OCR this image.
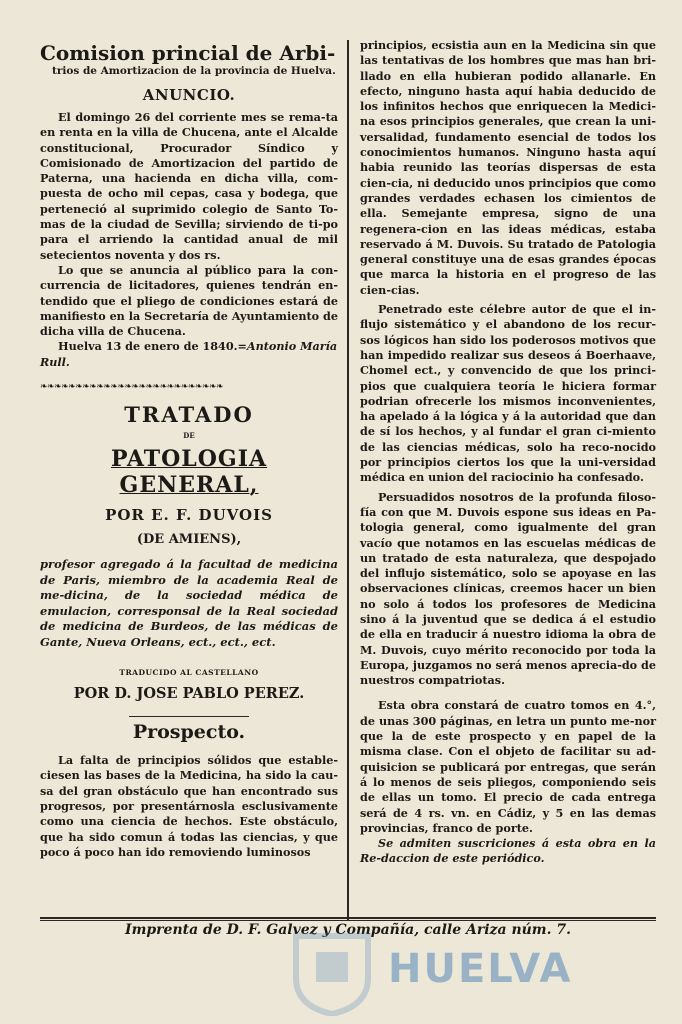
Comision princial de Arbi-

trios de Amortizacion de la provincia de Huelva.

ANUNCIO.

El domingo 26 del corriente mes se rema-ta en renta en la villa de Chucena, ante el Alcalde constitucional, Procurador Síndico y Comisionado de Amortizacion del partido de Paterna, una hacienda en dicha villa, com-puesta de ocho mil cepas, casa y bodega, que perteneció al suprimido colegio de Santo To-mas de la ciudad de Sevilla; sirviendo de ti-po para el arriendo la cantidad anual de mil setecientos noventa y dos rs.

Lo que se anuncia al público para la con-currencia de licitadores, quienes tendrán en-tendido que el pliego de condiciones estará de manifiesto en la Secretaría de Ayuntamiento de dicha villa de Chucena.

Huelva 13 de enero de 1840.=Antonio María Rull.

❧❧❧❧❧❧❧❧❧❧❧❧❧❧❧❧❧❧❧❧❧❧❧❧❧❧

TRATADO

DE

PATOLOGIA GENERAL,

POR E. F. DUVOIS

(DE AMIENS),

profesor agregado á la facultad de medicina de Paris, miembro de la academia Real de me-dicina, de la sociedad médica de emulacion, corresponsal de la Real sociedad de medicina de Burdeos, de las médicas de Gante, Nueva Orleans, ect., ect., ect.

TRADUCIDO AL CASTELLANO

POR D. JOSE PABLO PEREZ.

Prospecto.

La falta de principios sólidos que estable-ciesen las bases de la Medicina, ha sido la cau-sa del gran obstáculo que han encontrado sus progresos, por presentárnosla esclusivamente como una ciencia de hechos. Este obstáculo, que ha sido comun á todas las ciencias, y que poco á poco han ido removiendo luminosos

principios, ecsistia aun en la Medicina sin que las tentativas de los hombres que mas han bri-llado en ella hubieran podido allanarle. En efecto, ninguno hasta aquí habia deducido de los infinitos hechos que enriquecen la Medici-na esos principios generales, que crean la uni-versalidad, fundamento esencial de todos los conocimientos humanos. Ninguno hasta aquí habia reunido las teorías dispersas de esta cien-cia, ni deducido unos principios que como grandes verdades echasen los cimientos de ella. Semejante empresa, signo de una regenera-cion en las ideas médicas, estaba reservado á M. Duvois. Su tratado de Patologia general constituye una de esas grandes épocas que marca la historia en el progreso de las cien-cias.

Penetrado este célebre autor de que el in-flujo sistemático y el abandono de los recur-sos lógicos han sido los poderosos motivos que han impedido realizar sus deseos á Boerhaave, Chomel ect., y convencido de que los princi-pios que cualquiera teoría le hiciera formar podrian ofrecerle los mismos inconvenientes, ha apelado á la lógica y á la autoridad que dan de sí los hechos, y al fundar el gran ci-miento de las ciencias médicas, solo ha reco-nocido por principios ciertos los que la uni-versidad médica en union del raciocinio ha confesado.

Persuadidos nosotros de la profunda filoso-fía con que M. Duvois espone sus ideas en Pa-tologia general, como igualmente del gran vacío que notamos en las escuelas médicas de un tratado de esta naturaleza, que despojado del influjo sistemático, solo se apoyase en las observaciones clínicas, creemos hacer un bien no solo á todos los profesores de Medicina sino á la juventud que se dedica á el estudio de ella en traducir á nuestro idioma la obra de M. Duvois, cuyo mérito reconocido por toda la Europa, juzgamos no será menos aprecia-do de nuestros compatriotas.

Esta obra constará de cuatro tomos en 4.°, de unas 300 páginas, en letra un punto me-nor que la de este prospecto y en papel de la misma clase. Con el objeto de facilitar su ad-quisicion se publicará por entregas, que serán á lo menos de seis pliegos, componiendo seis de ellas un tomo. El precio de cada entrega será de 4 rs. vn. en Cádiz, y 5 en las demas provincias, franco de porte.

Se admiten suscriciones á esta obra en la Re-daccion de este periódico.

Imprenta de D. F. Galvez y Compañía, calle Ariza núm. 7.

HUELVA
